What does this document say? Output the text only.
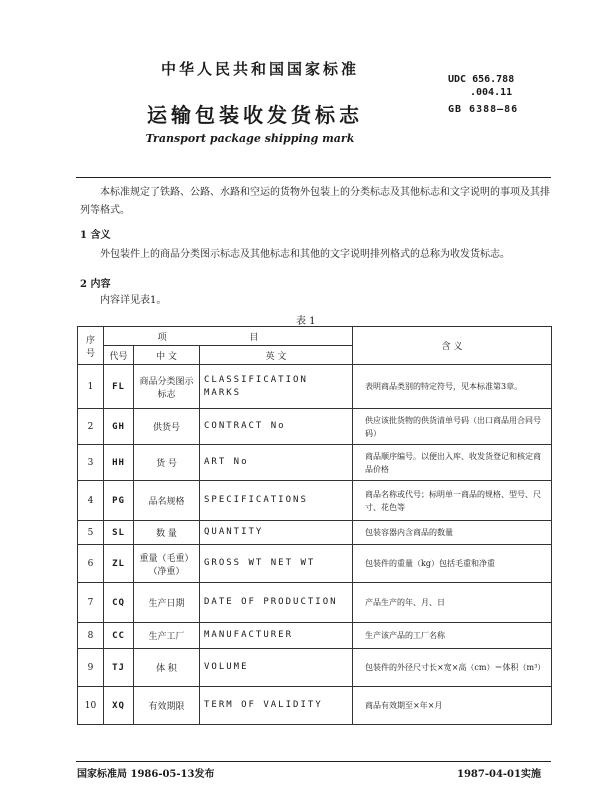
中华人民共和国国家标准
运输包装收发货标志
Transport package shipping mark
UDC 656.788
.004.11
GB 6388—86
本标准规定了铁路、公路、水路和空运的货物外包装上的分类标志及其他标志和文字说明的事项及其排列等格式。
1 含义
外包装件上的商品分类图示标志及其他标志和其他的文字说明排列格式的总称为收发货标志。
2 内容
内容详见表1。
表 1
序号	项 目			含 义
	代号	中 文	英 文	
1	FL	商品分类图示标志	CLASSIFICATION MARKS	表明商品类别的特定符号，见本标准第3章。
2	GH	供货号	CONTRACT No	供应该批货物的供货清单号码（出口商品用合同号码）
3	HH	货 号	ART No	商品顺序编号。以便出入库、收发货登记和核定商品价格
4	PG	品名规格	SPECIFICATIONS	商品名称或代号；标明单一商品的规格、型号、尺寸、花色等
5	SL	数 量	QUANTITY	包装容器内含商品的数量
6	ZL	重量（毛重）（净重）	GROSS WT NET WT	包装件的重量（kg）包括毛重和净重
7	CQ	生产日期	DATE OF PRODUCTION	产品生产的年、月、日
8	CC	生产工厂	MANUFACTURER	生产该产品的工厂名称
9	TJ	体 积	VOLUME	包装件的外径尺寸长×宽×高（cm）＝体积（m³）
10	XQ	有效期限	TERM OF VALIDITY	商品有效期至×年×月
国家标准局 1986-05-13发布	1987-04-01实施
